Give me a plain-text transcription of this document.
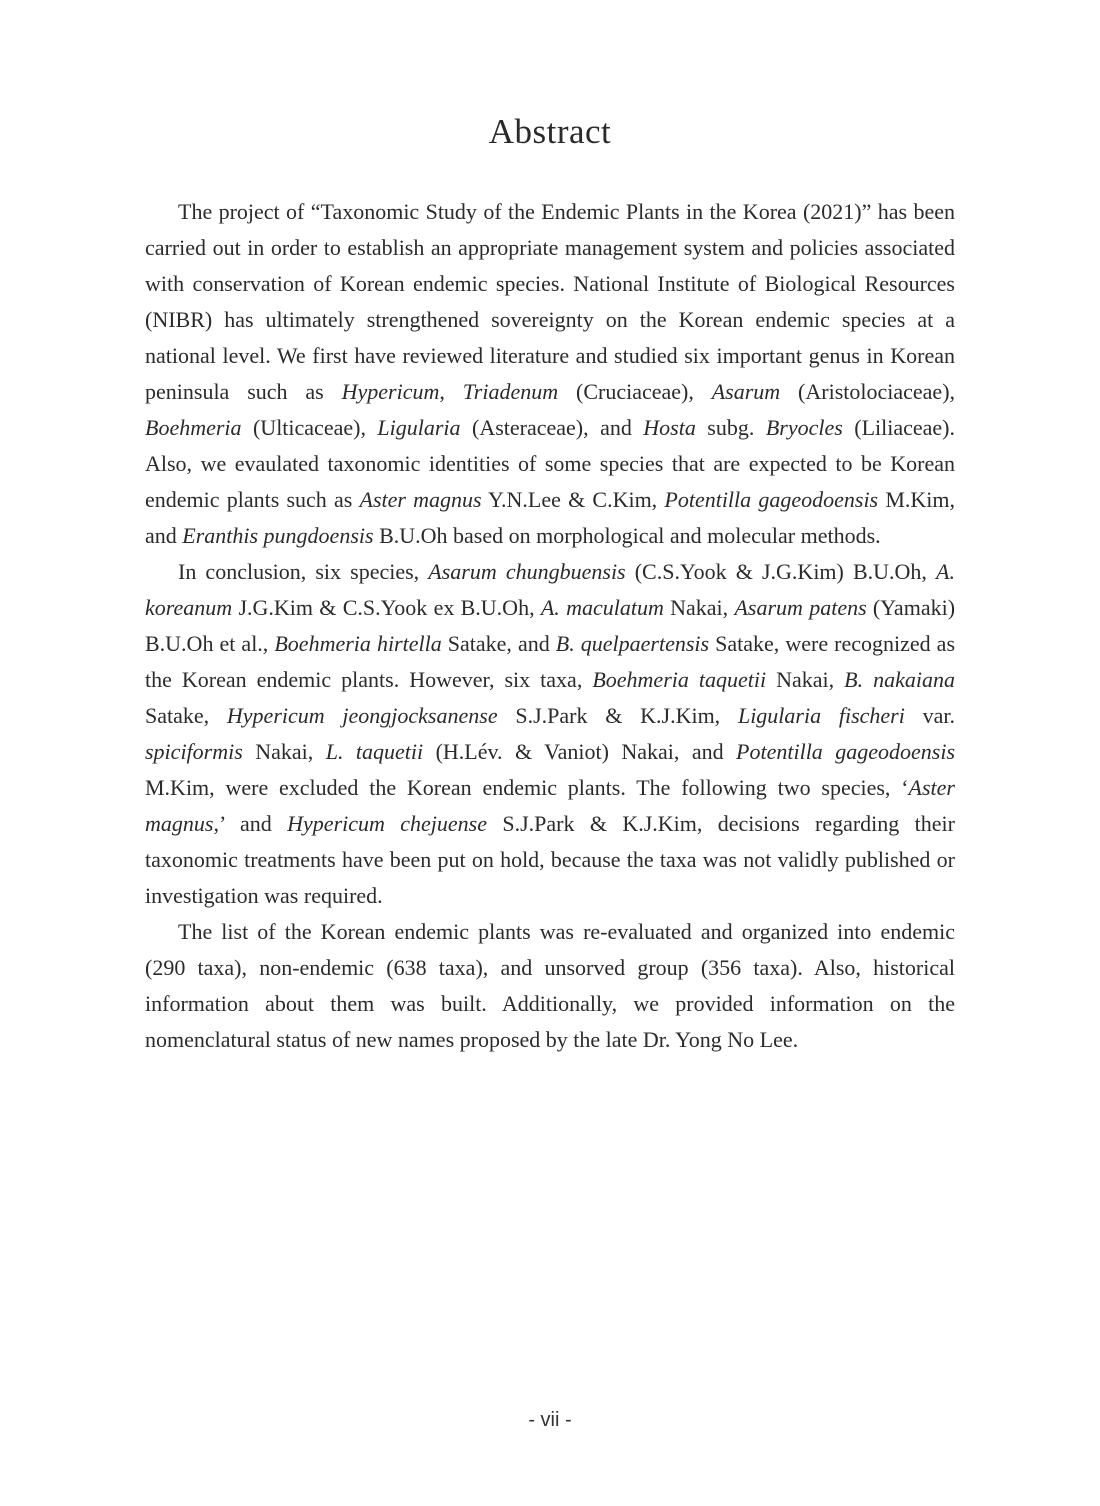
Abstract

The project of “Taxonomic Study of the Endemic Plants in the Korea (2021)” has been carried out in order to establish an appropriate management system and policies associated with conservation of Korean endemic species. National Institute of Biological Resources (NIBR) has ultimately strengthened sovereignty on the Korean endemic species at a national level. We first have reviewed literature and studied six important genus in Korean peninsula such as Hypericum, Triadenum (Cruciaceae), Asarum (Aristolociaceae), Boehmeria (Ulticaceae), Ligularia (Asteraceae), and Hosta subg. Bryocles (Liliaceae). Also, we evaulated taxonomic identities of some species that are expected to be Korean endemic plants such as Aster magnus Y.N.Lee & C.Kim, Potentilla gageodoensis M.Kim, and Eranthis pungdoensis B.U.Oh based on morphological and molecular methods.

In conclusion, six species, Asarum chungbuensis (C.S.Yook & J.G.Kim) B.U.Oh, A. koreanum J.G.Kim & C.S.Yook ex B.U.Oh, A. maculatum Nakai, Asarum patens (Yamaki) B.U.Oh et al., Boehmeria hirtella Satake, and B. quelpaertensis Satake, were recognized as the Korean endemic plants. However, six taxa, Boehmeria taquetii Nakai, B. nakaiana Satake, Hypericum jeongjocksanense S.J.Park & K.J.Kim, Ligularia fischeri var. spiciformis Nakai, L. taquetii (H.Lév. & Vaniot) Nakai, and Potentilla gageodoensis M.Kim, were excluded the Korean endemic plants. The following two species, ‘Aster magnus,’ and Hypericum chejuense S.J.Park & K.J.Kim, decisions regarding their taxonomic treatments have been put on hold, because the taxa was not validly published or investigation was required.

The list of the Korean endemic plants was re-evaluated and organized into endemic (290 taxa), non-endemic (638 taxa), and unsorved group (356 taxa). Also, historical information about them was built. Additionally, we provided information on the nomenclatural status of new names proposed by the late Dr. Yong No Lee.

- vii -
